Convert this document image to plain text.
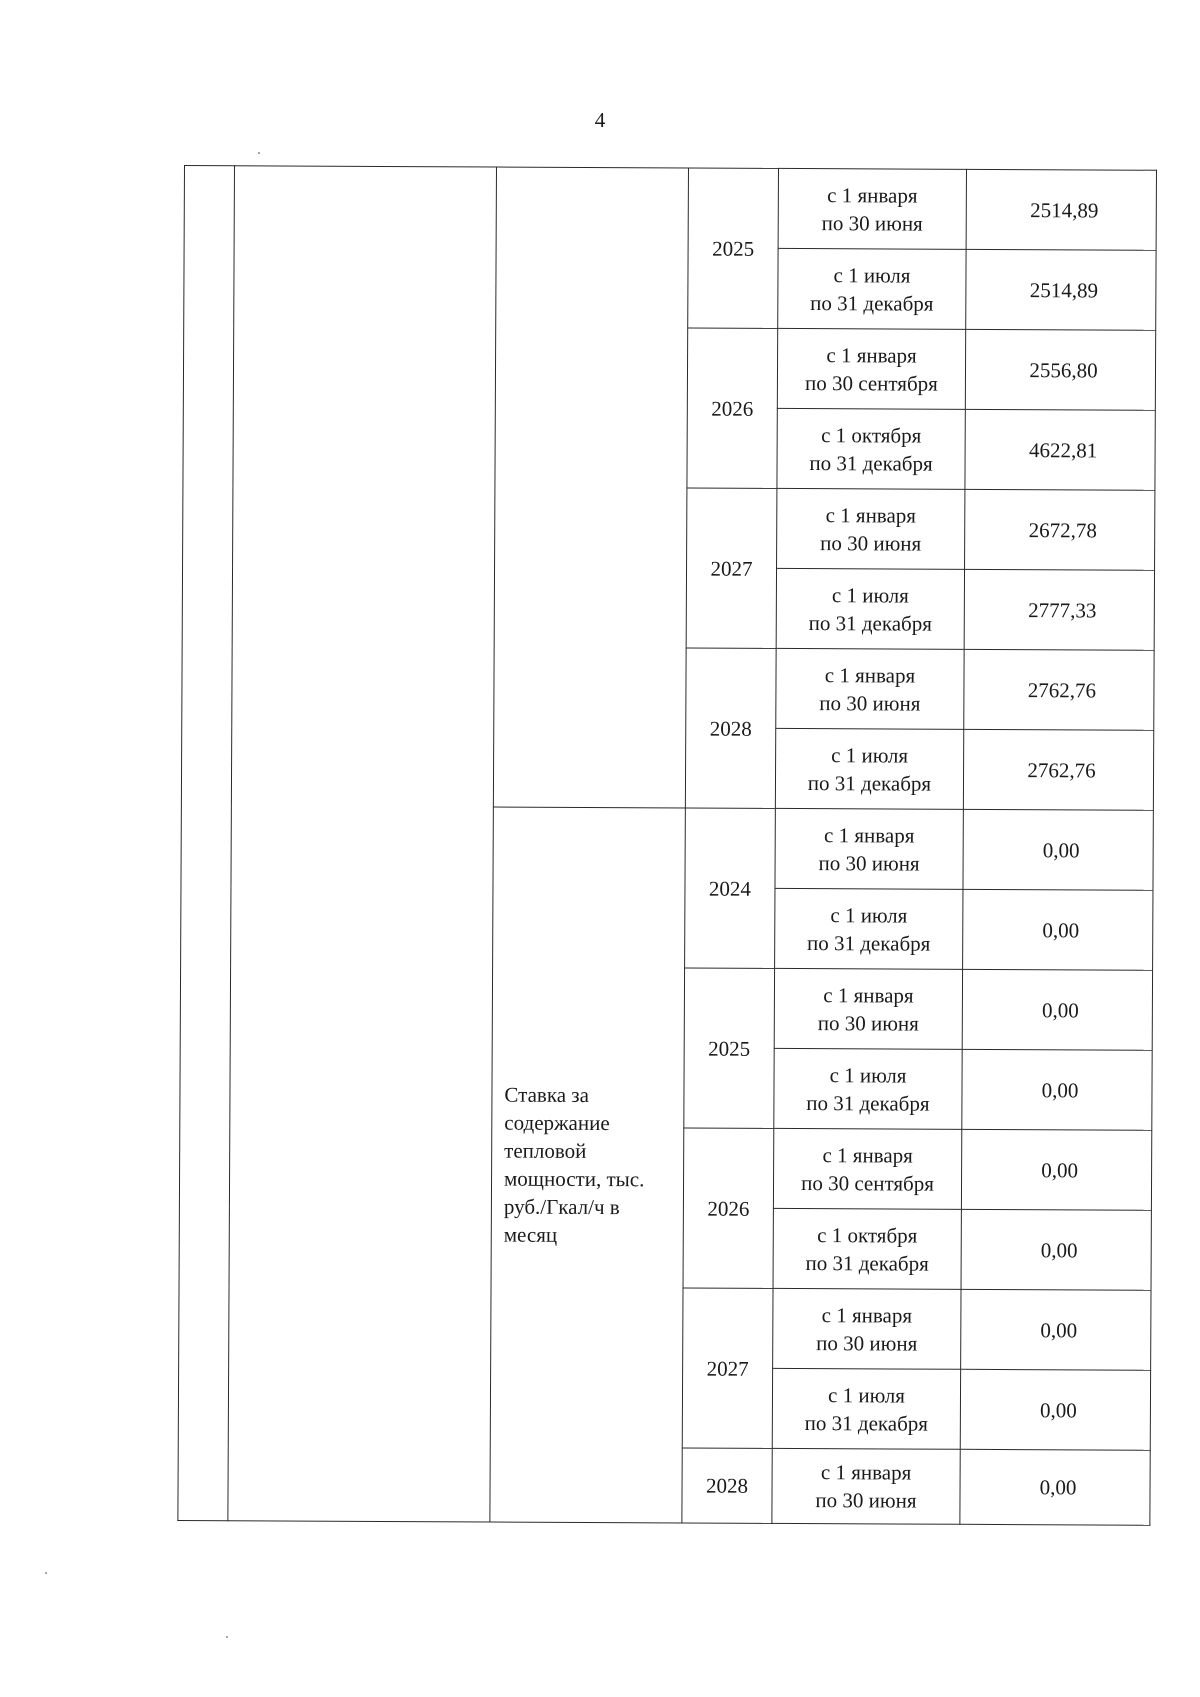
4
			2025	с 1 января
по 30 июня	2514,89
				с 1 июля
по 31 декабря	2514,89
			2026	с 1 января
по 30 сентября	2556,80
				с 1 октября
по 31 декабря	4622,81
			2027	с 1 января
по 30 июня	2672,78
				с 1 июля
по 31 декабря	2777,33
			2028	с 1 января
по 30 июня	2762,76
				с 1 июля
по 31 декабря	2762,76
		Ставка за содержание тепловой мощности, тыс. руб./Гкал/ч в месяц	2024	с 1 января
по 30 июня	0,00
				с 1 июля
по 31 декабря	0,00
			2025	с 1 января
по 30 июня	0,00
				с 1 июля
по 31 декабря	0,00
			2026	с 1 января
по 30 сентября	0,00
				с 1 октября
по 31 декабря	0,00
			2027	с 1 января
по 30 июня	0,00
				с 1 июля
по 31 декабря	0,00
			2028	с 1 января
по 30 июня	0,00
